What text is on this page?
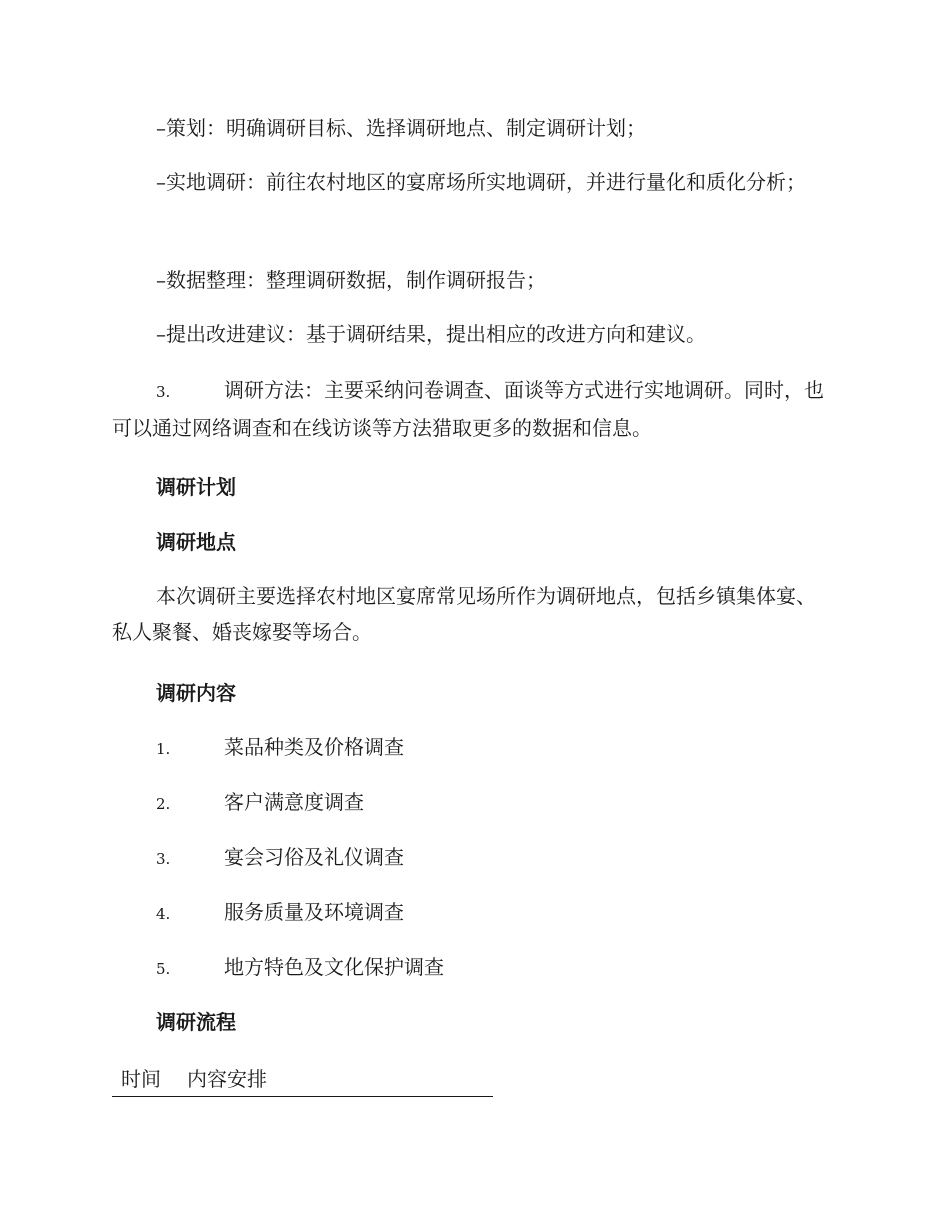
–策划：明确调研目标、选择调研地点、制定调研计划；

–实地调研：前往农村地区的宴席场所实地调研，并进行量化和质化分析；

–数据整理：整理调研数据，制作调研报告；

–提出改进建议：基于调研结果，提出相应的改进方向和建议。

3.	调研方法：主要采纳问卷调查、面谈等方式进行实地调研。同时，也可以通过网络调查和在线访谈等方法猎取更多的数据和信息。

调研计划

调研地点

本次调研主要选择农村地区宴席常见场所作为调研地点，包括乡镇集体宴、私人聚餐、婚丧嫁娶等场合。

调研内容

1.	菜品种类及价格调查

2.	客户满意度调查

3.	宴会习俗及礼仪调查

4.	服务质量及环境调查

5.	地方特色及文化保护调查

调研流程

时间 内容安排
